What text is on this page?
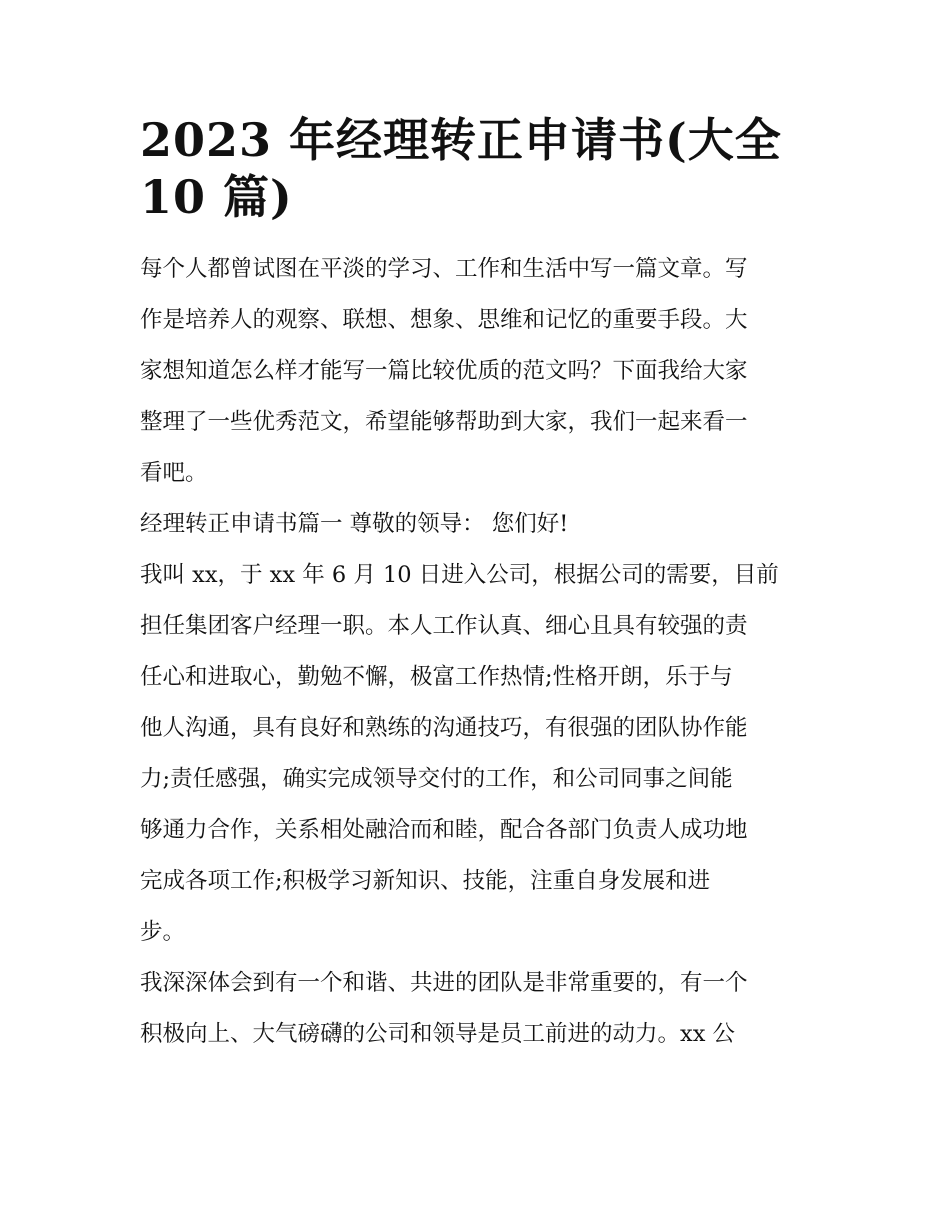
2023 年经理转正申请书(大全
10 篇)
每个人都曾试图在平淡的学习、工作和生活中写一篇文章。写
作是培养人的观察、联想、想象、思维和记忆的重要手段。大
家想知道怎么样才能写一篇比较优质的范文吗？下面我给大家
整理了一些优秀范文，希望能够帮助到大家，我们一起来看一
看吧。
经理转正申请书篇一 尊敬的领导： 您们好!
我叫 xx，于 xx 年 6 月 10 日进入公司，根据公司的需要，目前
担任集团客户经理一职。本人工作认真、细心且具有较强的责
任心和进取心，勤勉不懈，极富工作热情;性格开朗，乐于与
他人沟通，具有良好和熟练的沟通技巧，有很强的团队协作能
力;责任感强，确实完成领导交付的工作，和公司同事之间能
够通力合作，关系相处融洽而和睦，配合各部门负责人成功地
完成各项工作;积极学习新知识、技能，注重自身发展和进
步。
我深深体会到有一个和谐、共进的团队是非常重要的，有一个
积极向上、大气磅礴的公司和领导是员工前进的动力。xx 公
